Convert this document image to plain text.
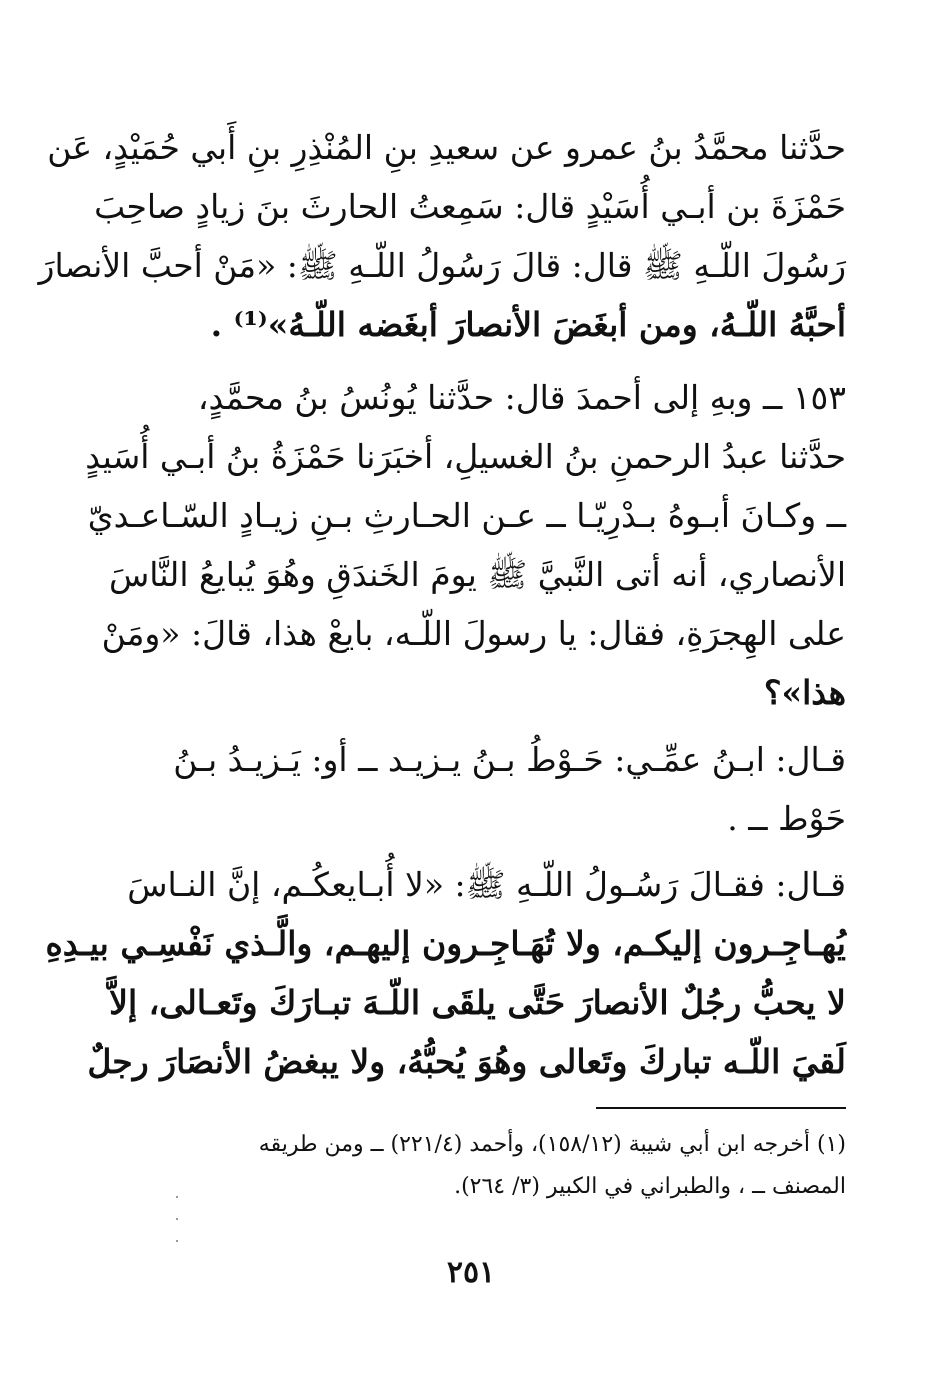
حدَّثنا محمَّدُ بنُ عمرو عن سعيدِ بنِ المُنْذِرِ بنِ أَبي حُمَيْدٍ، عَن
حَمْزَةَ بن أبـي أُسَيْدٍ قال: سَمِعتُ الحارثَ بنَ زيادٍ صاحِبَ
رَسُولَ اللّـهِ ﷺ قال: قالَ رَسُولُ اللّـهِ ﷺ: «مَنْ أحبَّ الأنصارَ
أحبَّهُ اللّـهُ، ومن أبغَضَ الأنصارَ أبغَضه اللّـهُ»⁽¹⁾ .
١٥٣ ــ وبهِ إلى أحمدَ قال: حدَّثنا يُونُسُ بنُ محمَّدٍ،
حدَّثنا عبدُ الرحمنِ بنُ الغسيلِ، أخبَرَنا حَمْزَةُ بنُ أبـي أُسَيدٍ
ــ وكـانَ أبـوهُ بـدْرِيّـا ــ عـن الحـارثِ بـنِ زيـادٍ السّـاعـديّ
الأنصاري، أنه أتى النَّبيَّ ﷺ يومَ الخَندَقِ وهُوَ يُبايعُ النَّاسَ
على الهِجرَةِ، فقال: يا رسولَ اللّـه، بايعْ هذا، قالَ: «ومَنْ
هذا»؟
قـال: ابـنُ عمِّـي: حَـوْطُ بـنُ يـزيـد ــ أو: يَـزيـدُ بـنُ
حَوْط ــ .
قـال: فقـالَ رَسُـولُ اللّـهِ ﷺ: «لا أُبـايعكُـم، إنَّ النـاسَ
يُهـاجِـرون إليكـم، ولا تُهَـاجِـرون إليهـم، والَّـذي نَفْسِـي بيـدِهِ
لا يحبُّ رجُلٌ الأنصارَ حَتَّى يلقَى اللّـهَ تبـارَكَ وتَعـالى، إلاَّ
لَقيَ اللّـه تباركَ وتَعالى وهُوَ يُحبُّهُ، ولا يبغضُ الأنصَارَ رجلٌ
(١) أخرجه ابن أبي شيبة (١٥٨/١٢)، وأحمد (٢٢١/٤) ــ ومن طريقه
المصنف ــ ، والطبراني في الكبير (٣/ ٢٦٤).
٢٥١
